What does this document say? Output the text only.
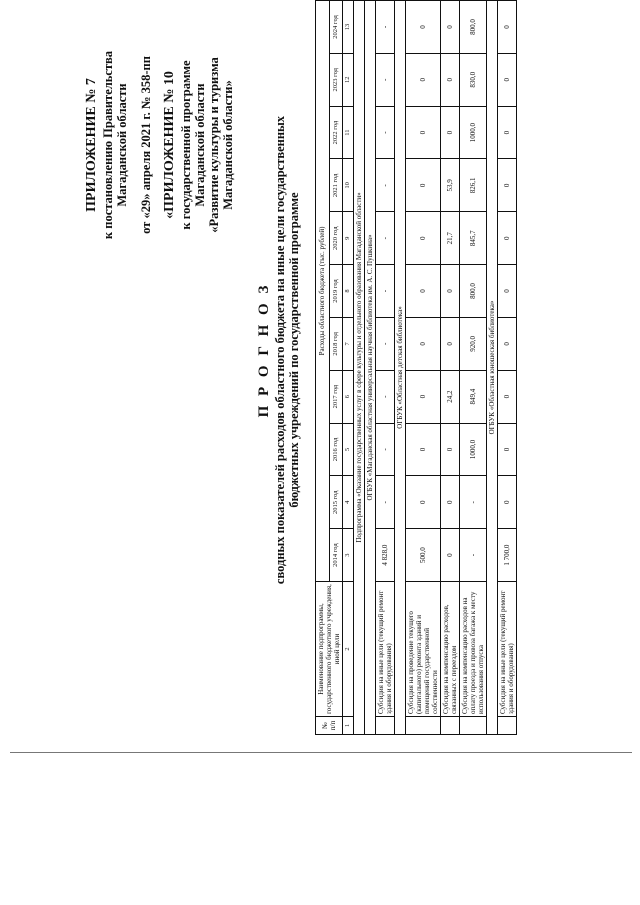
ПРИЛОЖЕНИЕ № 7 к постановлению Правительства Магаданской области от «29» апреля 2021 г. № 358-пп «ПРИЛОЖЕНИЕ № 10 к государственной программе Магаданской области «Развитие культуры и туризма Магаданской области»
П Р О Г Н О З сводных показателей расходов областного бюджета на иные цели государственных бюджетных учреждений по государственной программе
№ п/п	Наименование подпрограммы, государственного бюджетного учреждения, иной цели	Расходы областного бюджета (тыс. рублей)										
		2014 год	2015 год	2016 год	2017 год	2018 год	2019 год	2020 год	2021 год	2022 год	2023 год	2024 год
1	2	3	4	5	6	7	8	9	10	11	12	13
Подпрограмма «Оказание государственных услуг в сфере культуры и отдельного образования Магаданской области»												
ОГБУК «Магаданская областная универсальная научная библиотека им. А. С. Пушкина»												
	Субсидия на иные цели (текущий ремонт здания и оборудования)	4 828,0	-	-	-	-	-	-	-	-	-	-
ОГБУК «Областная детская библиотека»												
	Субсидия на проведение текущего (капитального) ремонта зданий и помещений государственной собственности	500,0	0	0	0	0	0	0	0	0	0	0
	Субсидия на компенсацию расходов, связанных с переездом	0	0	0	24,2	0	0	21,7	53,9	0	0	0
	Субсидия на компенсацию расходов на оплату проезда и провоза багажа к месту использования отпуска	-	-	1000,0	849,4	920,0	800,0	845,7	826,1	1000,0	830,0	800,0
ОГБУК «Областная юношеская библиотека»												
	Субсидия на иные цели (текущий ремонт здания и оборудования)	1 700,0	0	0	0	0	0	0	0	0	0	0
